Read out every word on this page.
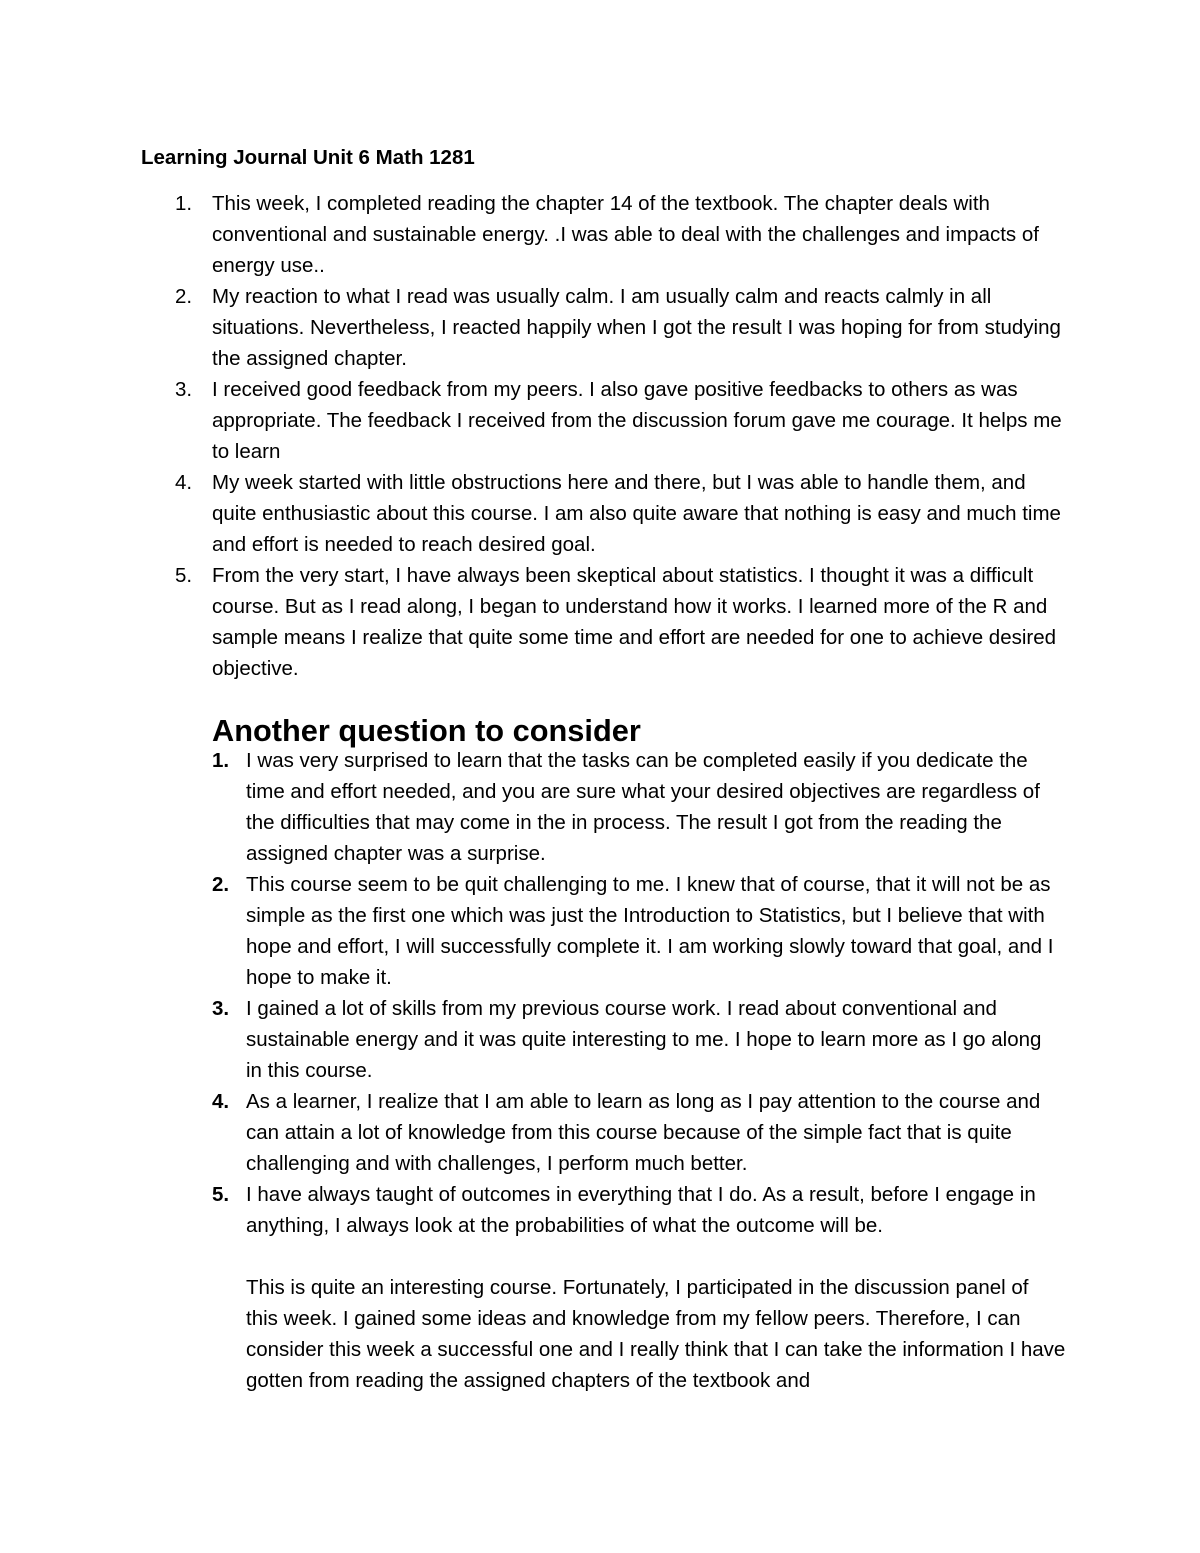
Learning Journal Unit 6 Math 1281
1. This week, I completed reading the chapter 14 of the textbook. The chapter deals with conventional and sustainable energy. .I was able to deal with the challenges and impacts of energy use..
2. My reaction to what I read was usually calm. I am usually calm and reacts calmly in all situations. Nevertheless, I reacted happily when I got the result I was hoping for from studying the assigned chapter.
3. I received good feedback from my peers. I also gave positive feedbacks to others as was appropriate. The feedback I received from the discussion forum gave me courage. It helps me to learn
4. My week started with little obstructions here and there, but I was able to handle them, and quite enthusiastic about this course. I am also quite aware that nothing is easy and much time and effort is needed to reach desired goal.
5. From the very start, I have always been skeptical about statistics. I thought it was a difficult course. But as I read along, I began to understand how it works. I learned more of the R and sample means I realize that quite some time and effort are needed for one to achieve desired objective.
Another question to consider
1. I was very surprised to learn that the tasks can be completed easily if you dedicate the time and effort needed, and you are sure what your desired objectives are regardless of the difficulties that may come in the in process. The result I got from the reading the assigned chapter was a surprise.
2. This course seem to be quit challenging to me. I knew that of course, that it will not be as simple as the first one which was just the Introduction to Statistics, but I believe that with hope and effort, I will successfully complete it. I am working slowly toward that goal, and I hope to make it.
3. I gained a lot of skills from my previous course work. I read about conventional and sustainable energy and it was quite interesting to me. I hope to learn more as I go along in this course.
4. As a learner, I realize that I am able to learn as long as I pay attention to the course and can attain a lot of knowledge from this course because of the simple fact that is quite challenging and with challenges, I perform much better.
5. I have always taught of outcomes in everything that I do. As a result, before I engage in anything, I always look at the probabilities of what the outcome will be.

This is quite an interesting course. Fortunately, I participated in the discussion panel of this week. I gained some ideas and knowledge from my fellow peers. Therefore, I can consider this week a successful one and I really think that I can take the information I have gotten from reading the assigned chapters of the textbook and
